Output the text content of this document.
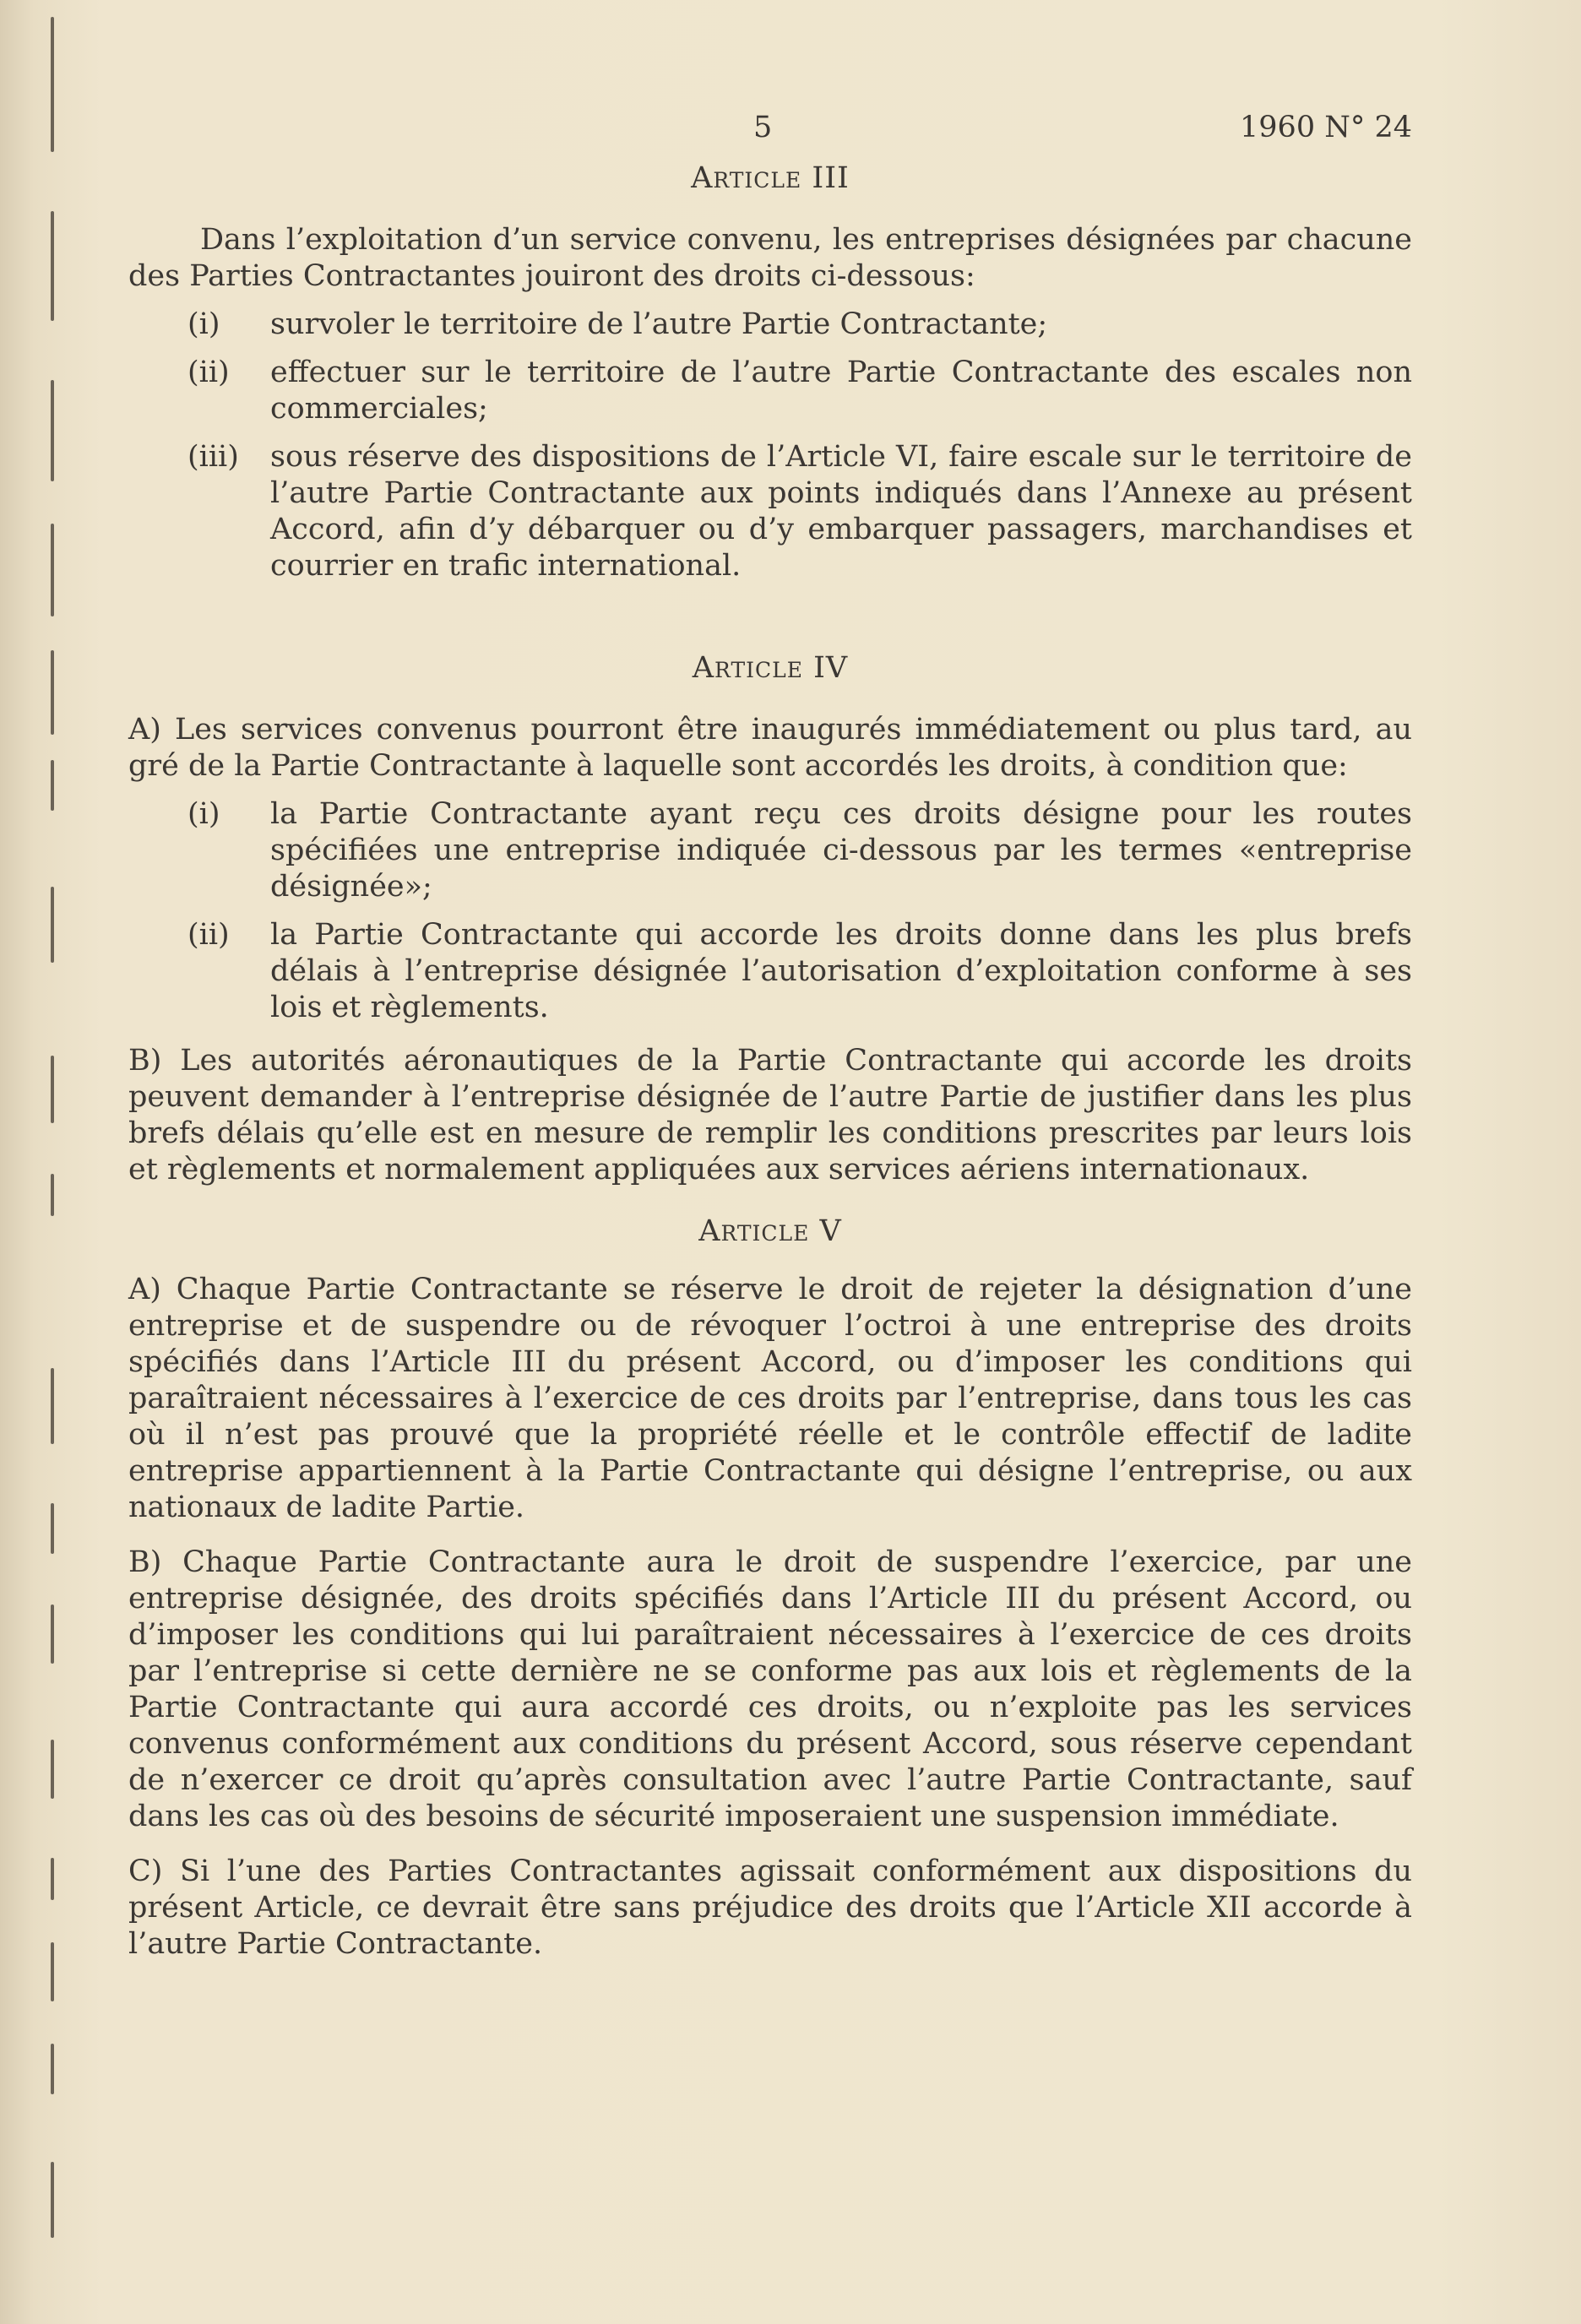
5	1960 N° 24

Article III

Dans l’exploitation d’un service convenu, les entreprises désignées par chacune des Parties Contractantes jouiront des droits ci-dessous:

(i)	survoler le territoire de l’autre Partie Contractante;

(ii)	effectuer sur le territoire de l’autre Partie Contractante des escales non commerciales;

(iii)	sous réserve des dispositions de l’Article VI, faire escale sur le territoire de l’autre Partie Contractante aux points indiqués dans l’Annexe au présent Accord, afin d’y débarquer ou d’y embarquer passagers, marchandises et courrier en trafic international.

Article IV

A) Les services convenus pourront être inaugurés immédiatement ou plus tard, au gré de la Partie Contractante à laquelle sont accordés les droits, à condition que:

(i)	la Partie Contractante ayant reçu ces droits désigne pour les routes spécifiées une entreprise indiquée ci-dessous par les termes «entreprise désignée»;

(ii)	la Partie Contractante qui accorde les droits donne dans les plus brefs délais à l’entreprise désignée l’autorisation d’exploitation conforme à ses lois et règlements.

B) Les autorités aéronautiques de la Partie Contractante qui accorde les droits peuvent demander à l’entreprise désignée de l’autre Partie de justifier dans les plus brefs délais qu’elle est en mesure de remplir les conditions prescrites par leurs lois et règlements et normalement appliquées aux services aériens internationaux.

Article V

A) Chaque Partie Contractante se réserve le droit de rejeter la désignation d’une entreprise et de suspendre ou de révoquer l’octroi à une entreprise des droits spécifiés dans l’Article III du présent Accord, ou d’imposer les conditions qui paraîtraient nécessaires à l’exercice de ces droits par l’entreprise, dans tous les cas où il n’est pas prouvé que la propriété réelle et le contrôle effectif de ladite entreprise appartiennent à la Partie Contractante qui désigne l’entreprise, ou aux nationaux de ladite Partie.

B) Chaque Partie Contractante aura le droit de suspendre l’exercice, par une entreprise désignée, des droits spécifiés dans l’Article III du présent Accord, ou d’imposer les conditions qui lui paraîtraient nécessaires à l’exercice de ces droits par l’entreprise si cette dernière ne se conforme pas aux lois et règlements de la Partie Contractante qui aura accordé ces droits, ou n’exploite pas les services convenus conformément aux conditions du présent Accord, sous réserve cependant de n’exercer ce droit qu’après consultation avec l’autre Partie Contractante, sauf dans les cas où des besoins de sécurité imposeraient une suspension immédiate.

C) Si l’une des Parties Contractantes agissait conformément aux dispositions du présent Article, ce devrait être sans préjudice des droits que l’Article XII accorde à l’autre Partie Contractante.
